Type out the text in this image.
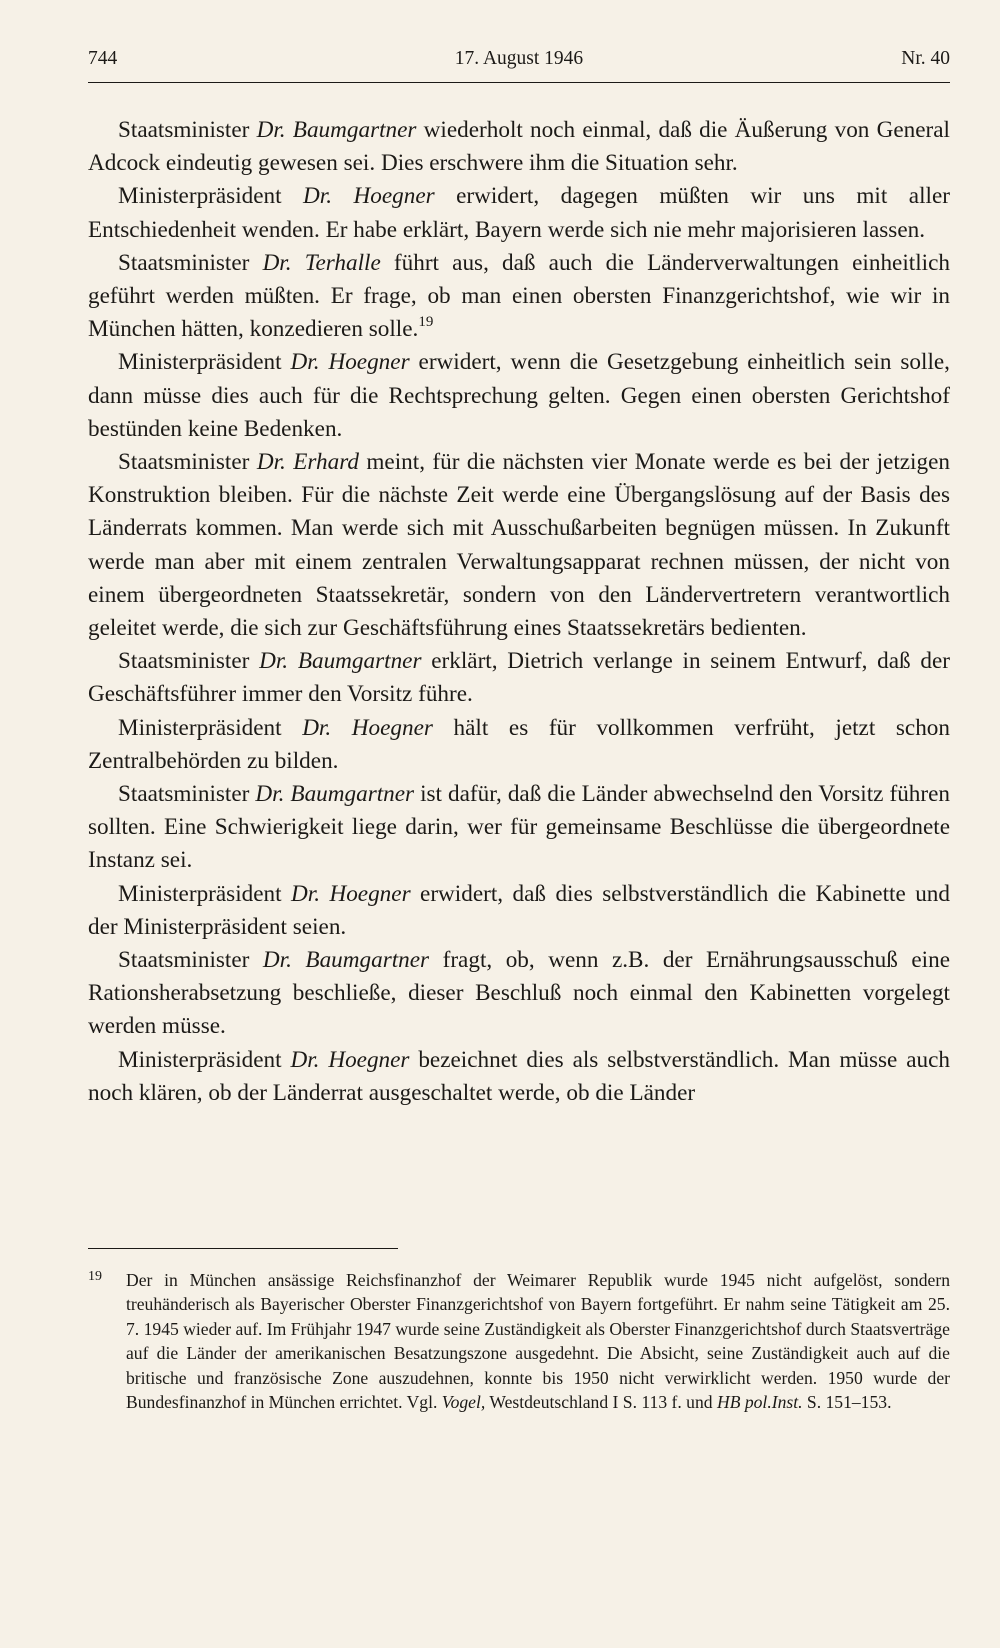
744	17. August 1946	Nr. 40

Staatsminister Dr. Baumgartner wiederholt noch einmal, daß die Äußerung von General Adcock eindeutig gewesen sei. Dies erschwere ihm die Situation sehr.

Ministerpräsident Dr. Hoegner erwidert, dagegen müßten wir uns mit aller Entschiedenheit wenden. Er habe erklärt, Bayern werde sich nie mehr majorisieren lassen.

Staatsminister Dr. Terhalle führt aus, daß auch die Länderverwaltungen einheitlich geführt werden müßten. Er frage, ob man einen obersten Finanzgerichtshof, wie wir in München hätten, konzedieren solle.$^{19}$

Ministerpräsident Dr. Hoegner erwidert, wenn die Gesetzgebung einheitlich sein solle, dann müsse dies auch für die Rechtsprechung gelten. Gegen einen obersten Gerichtshof bestünden keine Bedenken.

Staatsminister Dr. Erhard meint, für die nächsten vier Monate werde es bei der jetzigen Konstruktion bleiben. Für die nächste Zeit werde eine Übergangslösung auf der Basis des Länderrats kommen. Man werde sich mit Ausschußarbeiten begnügen müssen. In Zukunft werde man aber mit einem zentralen Verwaltungsapparat rechnen müssen, der nicht von einem übergeordneten Staatssekretär, sondern von den Ländervertretern verantwortlich geleitet werde, die sich zur Geschäftsführung eines Staatssekretärs bedienten.

Staatsminister Dr. Baumgartner erklärt, Dietrich verlange in seinem Entwurf, daß der Geschäftsführer immer den Vorsitz führe.

Ministerpräsident Dr. Hoegner hält es für vollkommen verfrüht, jetzt schon Zentralbehörden zu bilden.

Staatsminister Dr. Baumgartner ist dafür, daß die Länder abwechselnd den Vorsitz führen sollten. Eine Schwierigkeit liege darin, wer für gemeinsame Beschlüsse die übergeordnete Instanz sei.

Ministerpräsident Dr. Hoegner erwidert, daß dies selbstverständlich die Kabinette und der Ministerpräsident seien.

Staatsminister Dr. Baumgartner fragt, ob, wenn z.B. der Ernährungsausschuß eine Rationsherabsetzung beschließe, dieser Beschluß noch einmal den Kabinetten vorgelegt werden müsse.

Ministerpräsident Dr. Hoegner bezeichnet dies als selbstverständlich. Man müsse auch noch klären, ob der Länderrat ausgeschaltet werde, ob die Länder

19 Der in München ansässige Reichsfinanzhof der Weimarer Republik wurde 1945 nicht aufgelöst, sondern treuhänderisch als Bayerischer Oberster Finanzgerichtshof von Bayern fortgeführt. Er nahm seine Tätigkeit am 25. 7. 1945 wieder auf. Im Frühjahr 1947 wurde seine Zuständigkeit als Oberster Finanzgerichtshof durch Staatsverträge auf die Länder der amerikanischen Besatzungszone ausgedehnt. Die Absicht, seine Zuständigkeit auch auf die britische und französische Zone auszudehnen, konnte bis 1950 nicht verwirklicht werden. 1950 wurde der Bundesfinanzhof in München errichtet. Vgl. Vogel, Westdeutschland I S. 113 f. und HB pol.Inst. S. 151–153.
